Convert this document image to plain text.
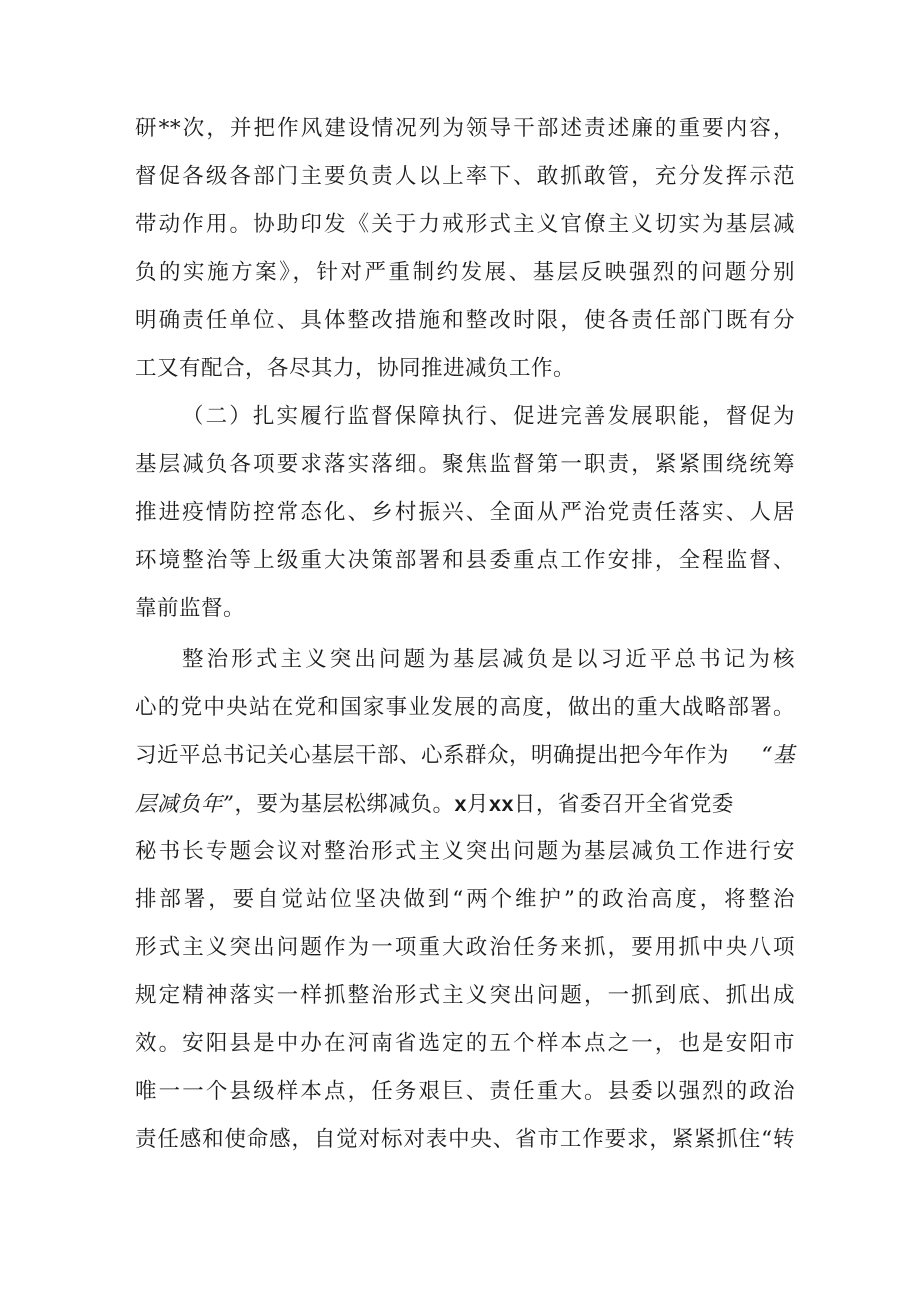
研**次，并把作风建设情况列为领导干部述责述廉的重要内容，
督促各级各部门主要负责人以上率下、敢抓敢管，充分发挥示范
带动作用。协助印发《关于力戒形式主义官僚主义切实为基层减
负的实施方案》，针对严重制约发展、基层反映强烈的问题分别
明确责任单位、具体整改措施和整改时限，使各责任部门既有分
工又有配合，各尽其力，协同推进减负工作。
（二）扎实履行监督保障执行、促进完善发展职能，督促为
基层减负各项要求落实落细。聚焦监督第一职责，紧紧围绕统筹
推进疫情防控常态化、乡村振兴、全面从严治党责任落实、人居
环境整治等上级重大决策部署和县委重点工作安排，全程监督、
靠前监督。
整治形式主义突出问题为基层减负是以习近平总书记为核
心的党中央站在党和国家事业发展的高度，做出的重大战略部署。
习近平总书记关心基层干部、心系群众，明确提出把今年作为 “基
层减负年”，要为基层松绑减负。x月xx日，省委召开全省党委
秘书长专题会议对整治形式主义突出问题为基层减负工作进行安
排部署，要自觉站位坚决做到“两个维护”的政治高度，将整治
形式主义突出问题作为一项重大政治任务来抓，要用抓中央八项
规定精神落实一样抓整治形式主义突出问题，一抓到底、抓出成
效。安阳县是中办在河南省选定的五个样本点之一，也是安阳市
唯一一个县级样本点，任务艰巨、责任重大。县委以强烈的政治
责任感和使命感，自觉对标对表中央、省市工作要求，紧紧抓住“转
